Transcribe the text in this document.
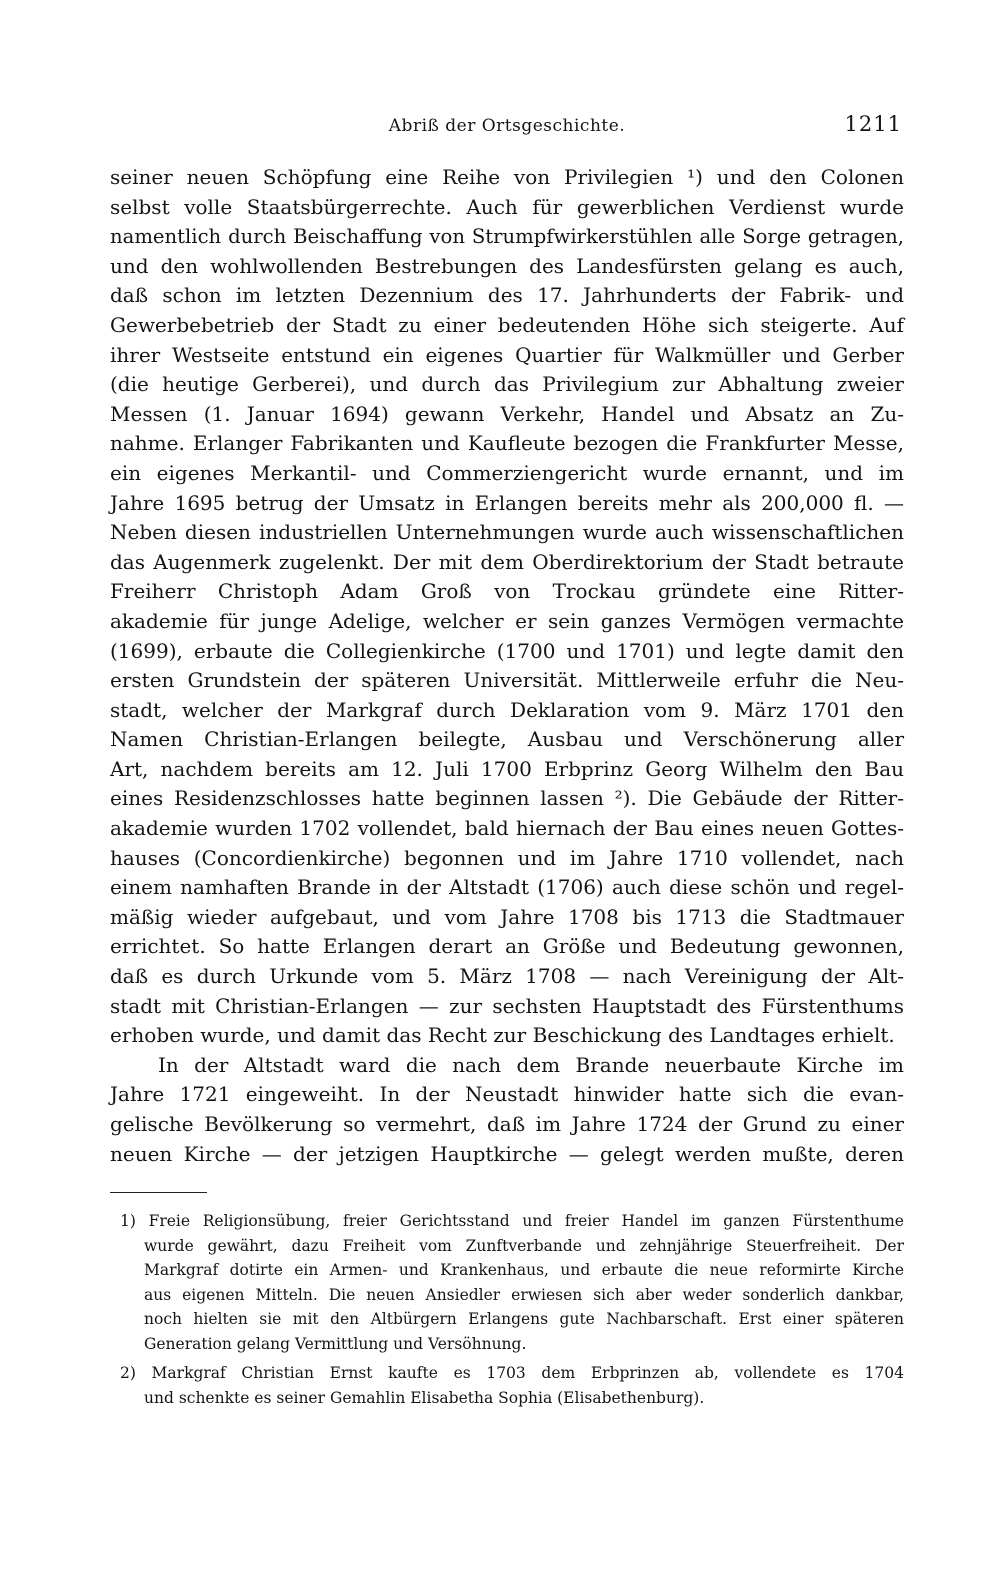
Abriß der Ortsgeschichte.	1211
seiner neuen Schöpfung eine Reihe von Privilegien ¹) und den Colonen
selbst volle Staatsbürgerrechte. Auch für gewerblichen Verdienst wurde
namentlich durch Beischaffung von Strumpfwirkerstühlen alle Sorge getragen,
und den wohlwollenden Bestrebungen des Landesfürsten gelang es auch,
daß schon im letzten Dezennium des 17. Jahrhunderts der Fabrik- und
Gewerbebetrieb der Stadt zu einer bedeutenden Höhe sich steigerte. Auf
ihrer Westseite entstund ein eigenes Quartier für Walkmüller und Gerber
(die heutige Gerberei), und durch das Privilegium zur Abhaltung zweier
Messen (1. Januar 1694) gewann Verkehr, Handel und Absatz an Zu-
nahme. Erlanger Fabrikanten und Kaufleute bezogen die Frankfurter Messe,
ein eigenes Merkantil- und Commerziengericht wurde ernannt, und im
Jahre 1695 betrug der Umsatz in Erlangen bereits mehr als 200,000 fl. —
Neben diesen industriellen Unternehmungen wurde auch wissenschaftlichen
das Augenmerk zugelenkt. Der mit dem Oberdirektorium der Stadt betraute
Freiherr Christoph Adam Groß von Trockau gründete eine Ritter-
akademie für junge Adelige, welcher er sein ganzes Vermögen vermachte
(1699), erbaute die Collegienkirche (1700 und 1701) und legte damit den
ersten Grundstein der späteren Universität. Mittlerweile erfuhr die Neu-
stadt, welcher der Markgraf durch Deklaration vom 9. März 1701 den
Namen Christian-Erlangen beilegte, Ausbau und Verschönerung aller
Art, nachdem bereits am 12. Juli 1700 Erbprinz Georg Wilhelm den Bau
eines Residenzschlosses hatte beginnen lassen ²). Die Gebäude der Ritter-
akademie wurden 1702 vollendet, bald hiernach der Bau eines neuen Gottes-
hauses (Concordienkirche) begonnen und im Jahre 1710 vollendet, nach
einem namhaften Brande in der Altstadt (1706) auch diese schön und regel-
mäßig wieder aufgebaut, und vom Jahre 1708 bis 1713 die Stadtmauer
errichtet. So hatte Erlangen derart an Größe und Bedeutung gewonnen,
daß es durch Urkunde vom 5. März 1708 — nach Vereinigung der Alt-
stadt mit Christian-Erlangen — zur sechsten Hauptstadt des Fürstenthums
erhoben wurde, und damit das Recht zur Beschickung des Landtages erhielt.
In der Altstadt ward die nach dem Brande neuerbaute Kirche im
Jahre 1721 eingeweiht. In der Neustadt hinwider hatte sich die evan-
gelische Bevölkerung so vermehrt, daß im Jahre 1724 der Grund zu einer
neuen Kirche — der jetzigen Hauptkirche — gelegt werden mußte, deren
1) Freie Religionsübung, freier Gerichtsstand und freier Handel im ganzen Fürstenthume
wurde gewährt, dazu Freiheit vom Zunftverbande und zehnjährige Steuerfreiheit. Der
Markgraf dotirte ein Armen- und Krankenhaus, und erbaute die neue reformirte Kirche
aus eigenen Mitteln. Die neuen Ansiedler erwiesen sich aber weder sonderlich dankbar,
noch hielten sie mit den Altbürgern Erlangens gute Nachbarschaft. Erst einer späteren
Generation gelang Vermittlung und Versöhnung.
2) Markgraf Christian Ernst kaufte es 1703 dem Erbprinzen ab, vollendete es 1704
und schenkte es seiner Gemahlin Elisabetha Sophia (Elisabethenburg).
